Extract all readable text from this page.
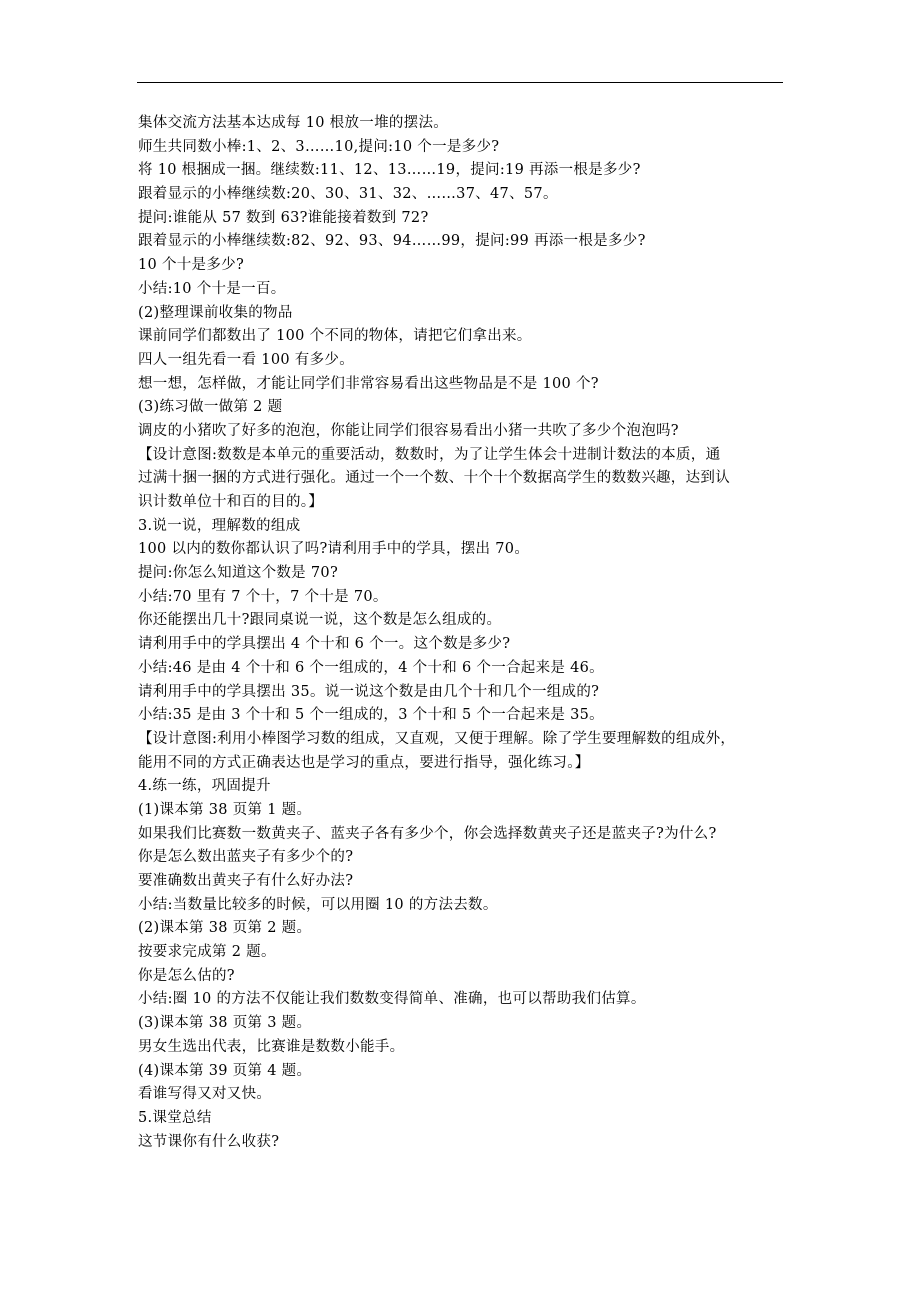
集体交流方法基本达成每 10 根放一堆的摆法。
师生共同数小棒:1、2、3……10,提问:10 个一是多少?
将 10 根捆成一捆。继续数:11、12、13……19，提问:19 再添一根是多少?
跟着显示的小棒继续数:20、30、31、32、……37、47、57。
提问:谁能从 57 数到 63?谁能接着数到 72?
跟着显示的小棒继续数:82、92、93、94……99，提问:99 再添一根是多少?
10 个十是多少?
小结:10 个十是一百。
(2)整理课前收集的物品
课前同学们都数出了 100 个不同的物体，请把它们拿出来。
四人一组先看一看 100 有多少。
想一想，怎样做，才能让同学们非常容易看出这些物品是不是 100 个?
(3)练习做一做第 2 题
调皮的小猪吹了好多的泡泡，你能让同学们很容易看出小猪一共吹了多少个泡泡吗?
【设计意图:数数是本单元的重要活动，数数时，为了让学生体会十进制计数法的本质，通
过满十捆一捆的方式进行强化。通过一个一个数、十个十个数据高学生的数数兴趣，达到认
识计数单位十和百的目的。】
3.说一说，理解数的组成
100 以内的数你都认识了吗?请利用手中的学具，摆出 70。
提问:你怎么知道这个数是 70?
小结:70 里有 7 个十，7 个十是 70。
你还能摆出几十?跟同桌说一说，这个数是怎么组成的。
请利用手中的学具摆出 4 个十和 6 个一。这个数是多少?
小结:46 是由 4 个十和 6 个一组成的，4 个十和 6 个一合起来是 46。
请利用手中的学具摆出 35。说一说这个数是由几个十和几个一组成的?
小结:35 是由 3 个十和 5 个一组成的，3 个十和 5 个一合起来是 35。
【设计意图:利用小棒图学习数的组成，又直观，又便于理解。除了学生要理解数的组成外，
能用不同的方式正确表达也是学习的重点，要进行指导，强化练习。】
4.练一练，巩固提升
(1)课本第 38 页第 1 题。
如果我们比赛数一数黄夹子、蓝夹子各有多少个，你会选择数黄夹子还是蓝夹子?为什么?
你是怎么数出蓝夹子有多少个的?
要准确数出黄夹子有什么好办法?
小结:当数量比较多的时候，可以用圈 10 的方法去数。
(2)课本第 38 页第 2 题。
按要求完成第 2 题。
你是怎么估的?
小结:圈 10 的方法不仅能让我们数数变得简单、准确，也可以帮助我们估算。
(3)课本第 38 页第 3 题。
男女生选出代表，比赛谁是数数小能手。
(4)课本第 39 页第 4 题。
看谁写得又对又快。
5.课堂总结
这节课你有什么收获?
